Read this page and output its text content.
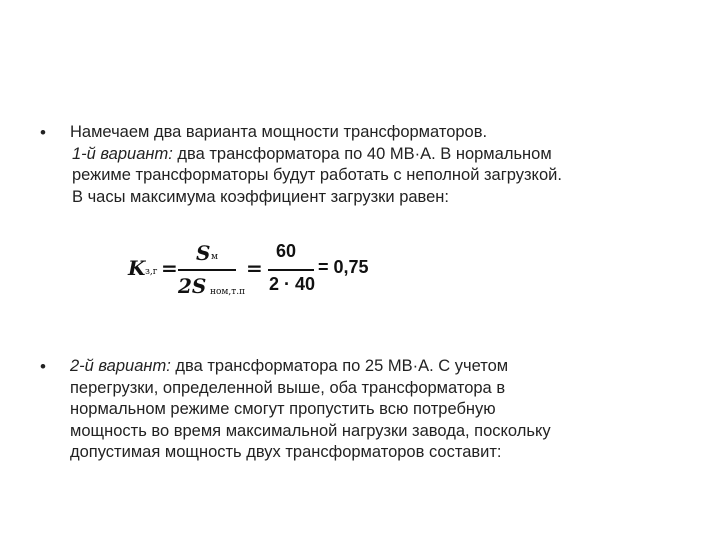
• Намечаем два варианта мощности трансформаторов.
1-й вариант: два трансформатора по 40 МВ·А. В нормальном
режиме трансформаторы будут работать с неполной загрузкой.
В часы максимума коэффициент загрузки равен:
K з,г =
S м
2S ном,т.п
=
60
2 · 40
= 0,75
• 2-й вариант: два трансформатора по 25 МВ·А. С учетом
перегрузки, определенной выше, оба трансформатора в
нормальном режиме смогут пропустить всю потребную
мощность во время максимальной нагрузки завода, поскольку
допустимая мощность двух трансформаторов составит:
